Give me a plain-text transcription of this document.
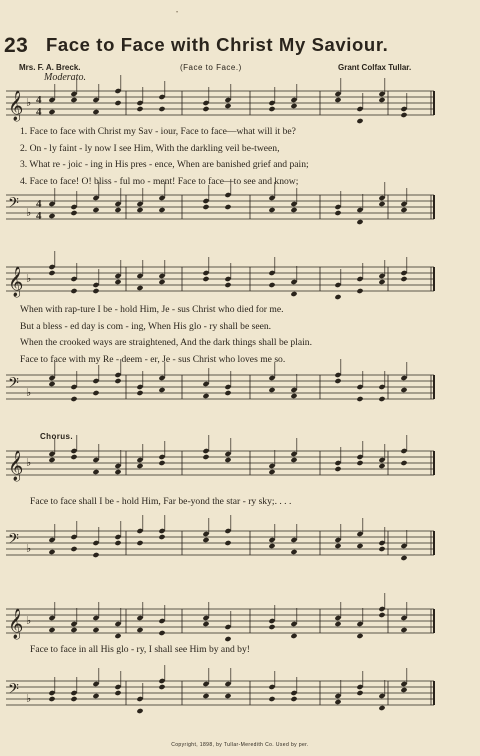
•
23 Face to Face with Christ My Saviour.
Mrs. F. A. Breck.	(Face to Face.)	Grant Colfax Tullar.
Moderato.
𝄞 ♭ 4
4
1. Face to face with Christ my Sav - iour, Face to face—what will it be?
2. On - ly faint - ly now I see Him, With the darkling veil be-tween,
3. What re - joic - ing in His pres - ence, When are banished grief and pain;
4. Face to face! O! bliss - ful mo - ment! Face to face—to see and know;
𝄢 ♭
4
4
𝄞 ♭
When with rap-ture I be - hold Him, Je - sus Christ who died for me.
But a bless - ed day is com - ing, When His glo - ry shall be seen.
When the crooked ways are straightened, And the dark things shall be plain.
Face to face with my Re - deem - er, Je - sus Christ who loves me so.
𝄢 ♭
Chorus.
𝄞 ♭
Face to face shall I be - hold Him, Far be-yond the star - ry sky;. . . .
𝄢 ♭
𝄞 ♭
Face to face in all His glo - ry, I shall see Him by and by!
𝄢 ♭
Copyright, 1898, by Tullar-Meredith Co. Used by per.
